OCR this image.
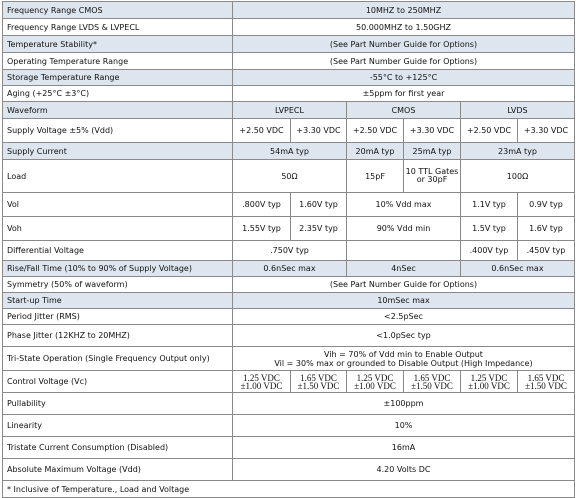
Frequency Range CMOS	10MHZ to 250MHZ					
Frequency Range LVDS & LVPECL	50.000MHZ to 1.50GHZ					
Temperature Stability*	(See Part Number Guide for Options)					
Operating Temperature Range	(See Part Number Guide for Options)					
Storage Temperature Range	-55°C to +125°C					
Aging (+25°C ±3°C)	±5ppm for first year					
Waveform	LVPECL		CMOS		LVDS	
Supply Voltage ±5% (Vdd)	+2.50 VDC	+3.30 VDC	+2.50 VDC	+3.30 VDC	+2.50 VDC	+3.30 VDC
Supply Current	54mA typ		20mA typ	25mA typ	23mA typ	
Load	50Ω		15pF	10 TTL Gates or 30pF	100Ω	
Vol	.800V typ	1.60V typ	10% Vdd max		1.1V typ	0.9V typ
Voh	1.55V typ	2.35V typ	90% Vdd min		1.5V typ	1.6V typ
Differential Voltage	.750V typ				.400V typ	.450V typ
Rise/Fall Time (10% to 90% of Supply Voltage)	0.6nSec max		4nSec		0.6nSec max	
Symmetry (50% of waveform)	(See Part Number Guide for Options)					
Start-up Time	10mSec max					
Period Jitter (RMS)	<2.5pSec					
Phase Jitter (12KHZ to 20MHZ)	<1.0pSec typ					
Tri-State Operation (Single Frequency Output only)	Vih = 70% of Vdd min to Enable Output
Vil = 30% max or grounded to Disable Output (High Impedance)					

Control Voltage (Vc)	1.25 VDC ±1.00 VDC	1.65 VDC ±1.50 VDC	1.25 VDC ±1.00 VDC	1.65 VDC ±1.50 VDC	1.25 VDC ±1.00 VDC	1.65 VDC ±1.50 VDC
Pullability	±100ppm					
Linearity	10%					
Tristate Current Consumption (Disabled)	16mA					
Absolute Maximum Voltage (Vdd)	4.20 Volts DC					
* Inclusive of Temperature., Load and Voltage						
